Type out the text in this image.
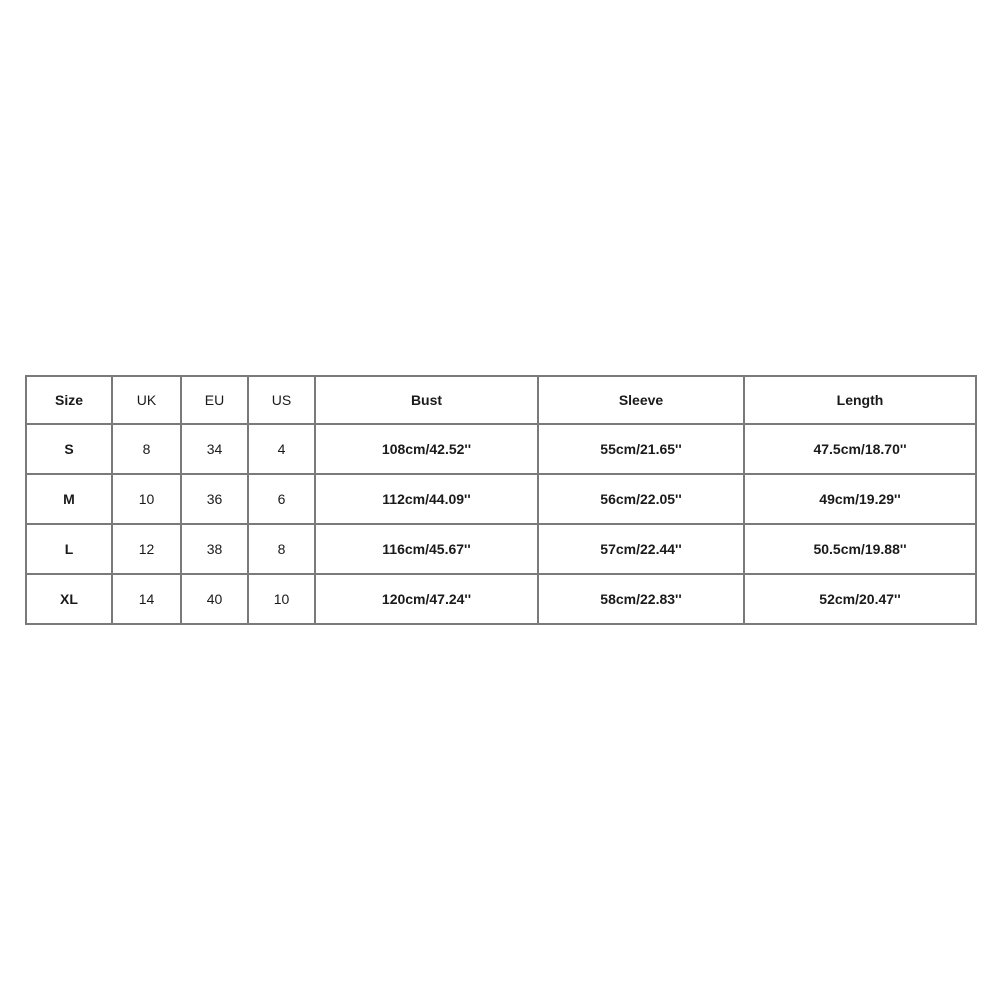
Size	UK	EU	US	Bust	Sleeve	Length
S	8	34	4	108cm/42.52''	55cm/21.65''	47.5cm/18.70''
M	10	36	6	112cm/44.09''	56cm/22.05''	49cm/19.29''
L	12	38	8	116cm/45.67''	57cm/22.44''	50.5cm/19.88''
XL	14	40	10	120cm/47.24''	58cm/22.83''	52cm/20.47''
